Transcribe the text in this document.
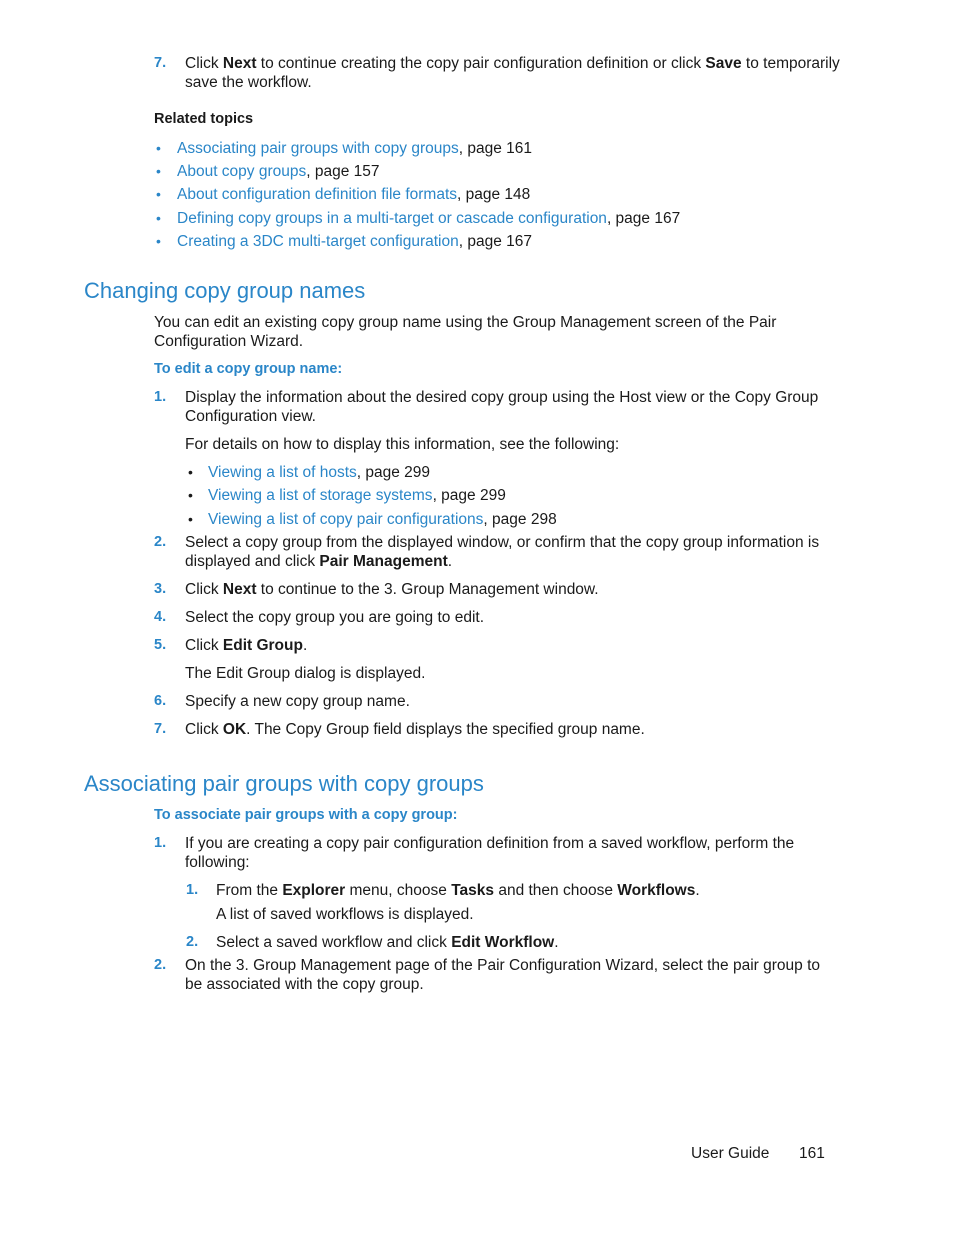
7. Click Next to continue creating the copy pair configuration definition or click Save to temporarily
save the workflow.
Related topics
• Associating pair groups with copy groups, page 161
• About copy groups, page 157
• About configuration definition file formats, page 148
• Defining copy groups in a multi-target or cascade configuration, page 167
• Creating a 3DC multi-target configuration, page 167
Changing copy group names
You can edit an existing copy group name using the Group Management screen of the Pair
Configuration Wizard.
To edit a copy group name:
1. Display the information about the desired copy group using the Host view or the Copy Group
Configuration view.
For details on how to display this information, see the following:
• Viewing a list of hosts, page 299
• Viewing a list of storage systems, page 299
• Viewing a list of copy pair configurations, page 298
2. Select a copy group from the displayed window, or confirm that the copy group information is
displayed and click Pair Management.
3. Click Next to continue to the 3. Group Management window.
4. Select the copy group you are going to edit.
5. Click Edit Group.
The Edit Group dialog is displayed.
6. Specify a new copy group name.
7. Click OK. The Copy Group field displays the specified group name.
Associating pair groups with copy groups
To associate pair groups with a copy group:
1. If you are creating a copy pair configuration definition from a saved workflow, perform the
following:
1. From the Explorer menu, choose Tasks and then choose Workflows.
A list of saved workflows is displayed.
2. Select a saved workflow and click Edit Workflow.
2. On the 3. Group Management page of the Pair Configuration Wizard, select the pair group to
be associated with the copy group.
User Guide 161
